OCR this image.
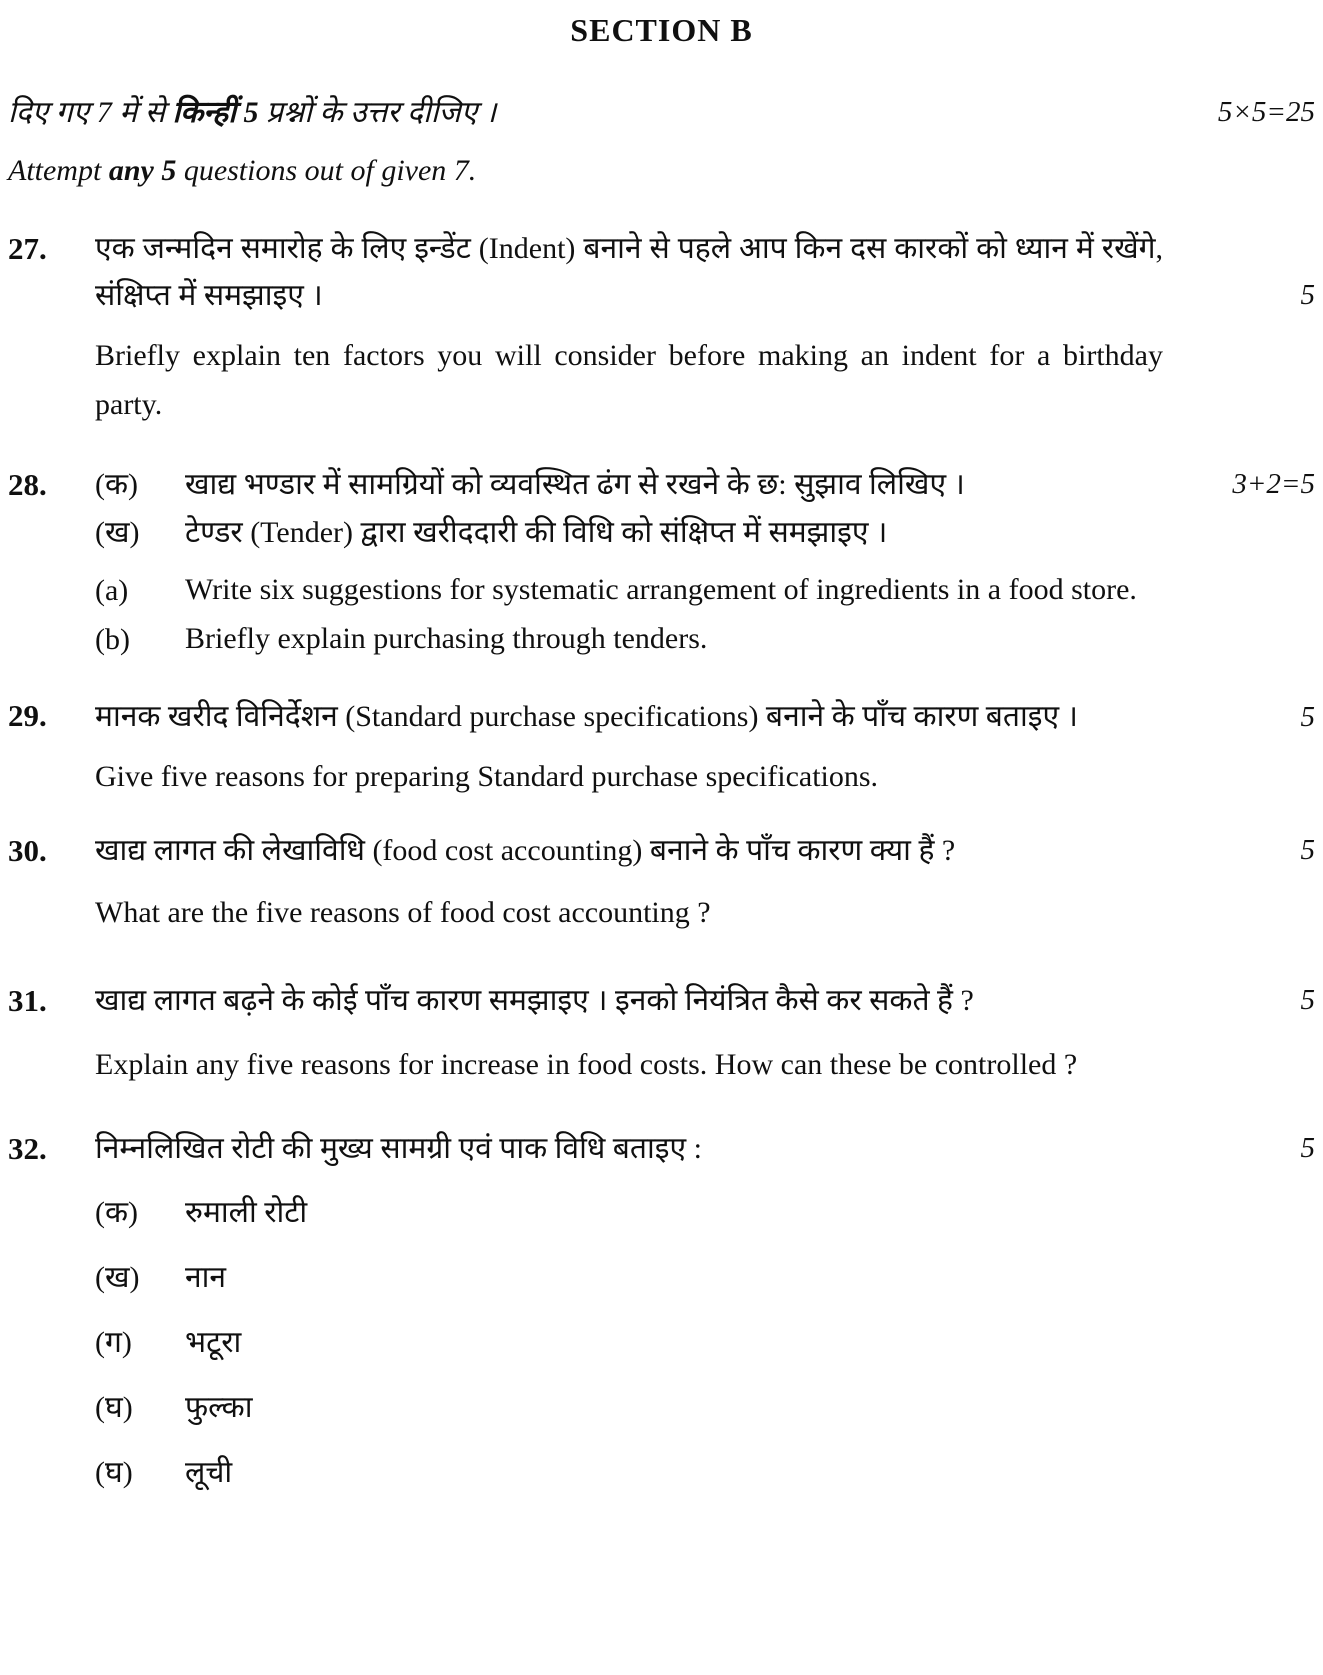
SECTION B

दिए गए 7 में से किन्हीं 5 प्रश्नों के उत्तर दीजिए ।	5×5=25

Attempt any 5 questions out of given 7.

27. एक जन्मदिन समारोह के लिए इन्डेंट (Indent) बनाने से पहले आप किन दस कारकों को ध्यान में रखेंगे, संक्षिप्त में समझाइए ।	5

Briefly explain ten factors you will consider before making an indent for a birthday party.

28. (क)	खाद्य भण्डार में सामग्रियों को व्यवस्थित ढंग से रखने के छ: सुझाव लिखिए ।	3+2=5
(ख)	टेण्डर (Tender) द्वारा खरीददारी की विधि को संक्षिप्त में समझाइए ।

(a)	Write six suggestions for systematic arrangement of ingredients in a food store.

(b)	Briefly explain purchasing through tenders.

29. मानक खरीद विनिर्देशन (Standard purchase specifications) बनाने के पाँच कारण बताइए ।	5

Give five reasons for preparing Standard purchase specifications.

30. खाद्य लागत की लेखाविधि (food cost accounting) बनाने के पाँच कारण क्या हैं ?	5

What are the five reasons of food cost accounting ?

31. खाद्य लागत बढ़ने के कोई पाँच कारण समझाइए । इनको नियंत्रित कैसे कर सकते हैं ?	5

Explain any five reasons for increase in food costs. How can these be controlled ?

32. निम्नलिखित रोटी की मुख्य सामग्री एवं पाक विधि बताइए :	5

(क)	रुमाली रोटी
(ख)	नान
(ग)	भटूरा
(घ)	फुल्का
(घ)	लूची
